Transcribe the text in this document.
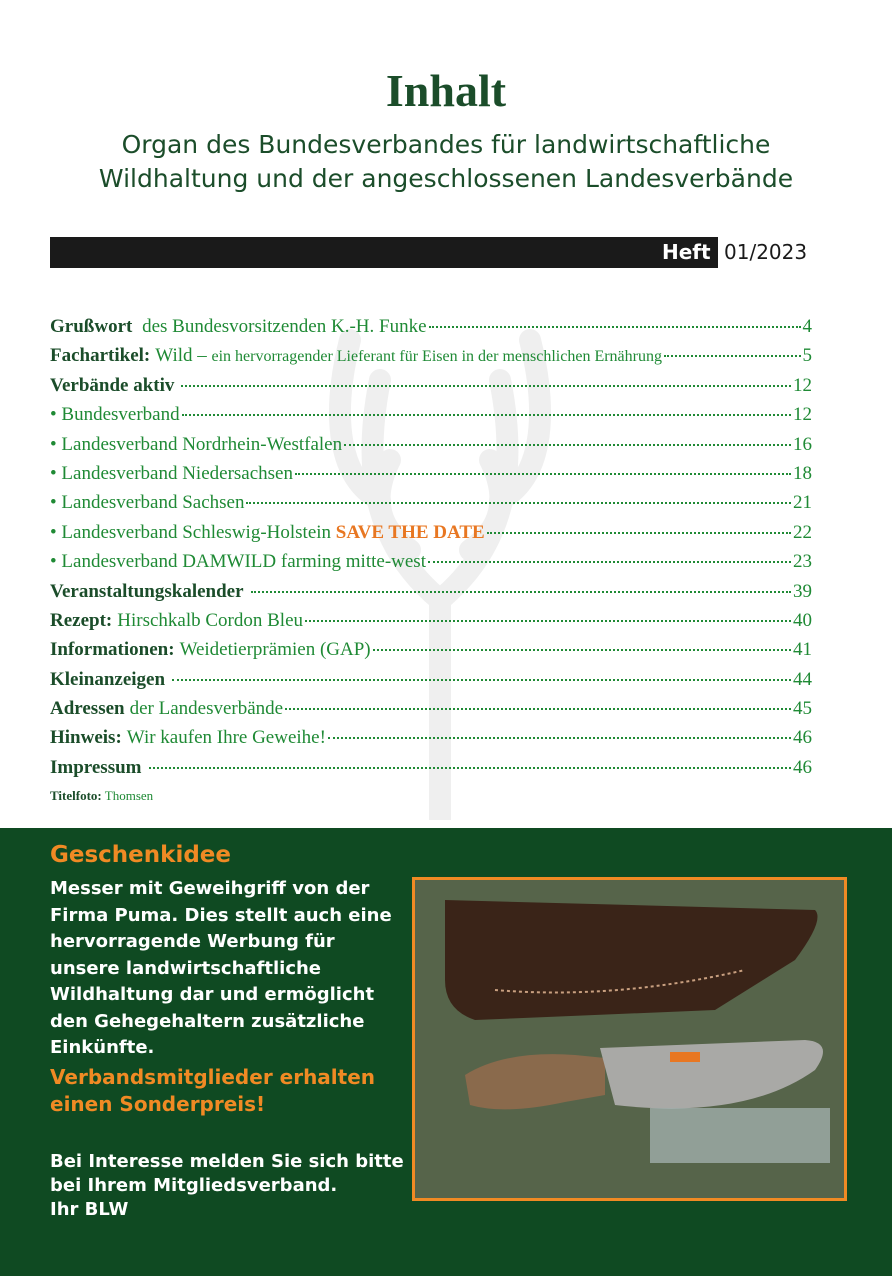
Inhalt
Organ des Bundesverbandes für landwirtschaftliche
Wildhaltung und der angeschlossenen Landesverbände
Heft 01/2023
Grußwort des Bundesvorsitzenden K.-H. Funke	4
Fachartikel: Wild – ein hervorragender Lieferant für Eisen in der menschlichen Ernährung	5
Verbände aktiv	12
• Bundesverband	12
• Landesverband Nordrhein-Westfalen	16
• Landesverband Niedersachsen	18
• Landesverband Sachsen	21
• Landesverband Schleswig-Holstein SAVE THE DATE	22
• Landesverband DAMWILD farming mitte-west	23
Veranstaltungskalender	39
Rezept: Hirschkalb Cordon Bleu	40
Informationen: Weidetierprämien (GAP)	41
Kleinanzeigen	44
Adressen der Landesverbände	45
Hinweis: Wir kaufen Ihre Geweihe!	46
Impressum	46
Titelfoto: Thomsen
Geschenkidee
Messer mit Geweihgriff von der Firma Puma. Dies stellt auch eine hervorragende Werbung für unsere landwirtschaftliche Wildhaltung dar und ermöglicht den Gehegehaltern zusätzliche Einkünfte.
Verbandsmitglieder erhalten einen Sonderpreis!
Bei Interesse melden Sie sich bitte
bei Ihrem Mitgliedsverband.
Ihr BLW
